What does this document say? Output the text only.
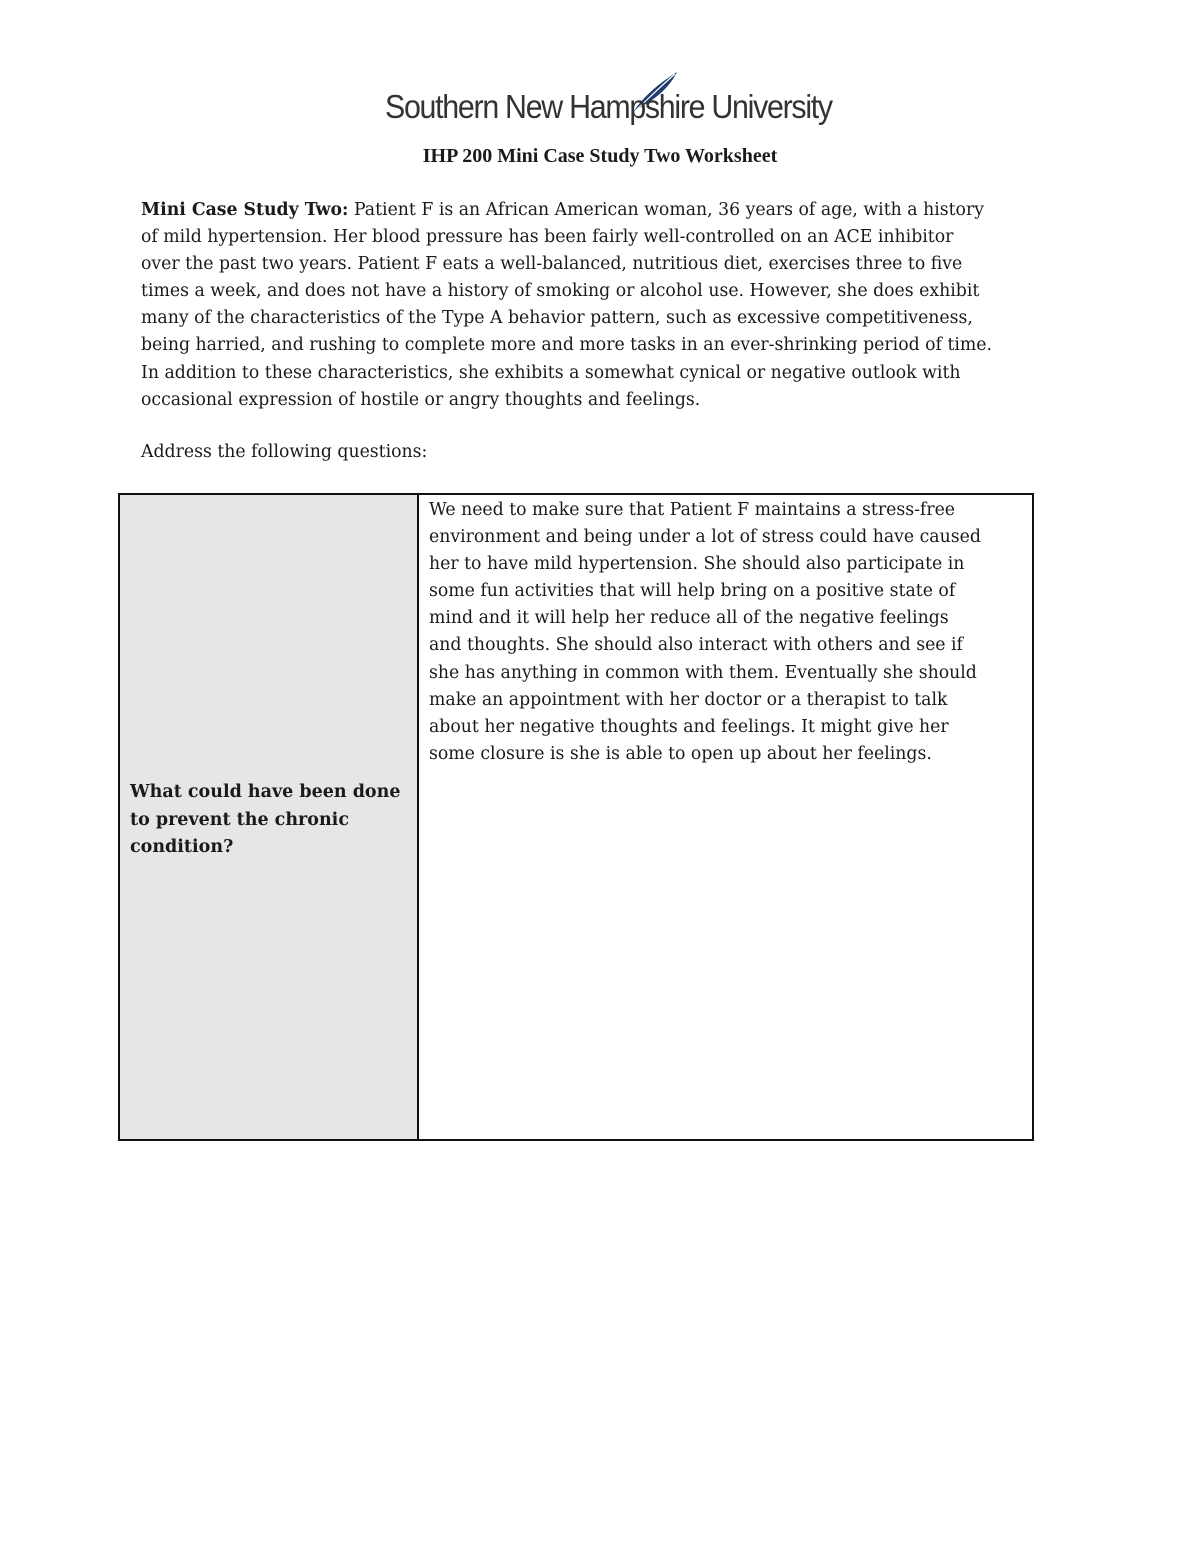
Southern New Hampshire University
IHP 200 Mini Case Study Two Worksheet
Mini Case Study Two: Patient F is an African American woman, 36 years of age, with a history
of mild hypertension. Her blood pressure has been fairly well-controlled on an ACE inhibitor
over the past two years. Patient F eats a well-balanced, nutritious diet, exercises three to five
times a week, and does not have a history of smoking or alcohol use. However, she does exhibit
many of the characteristics of the Type A behavior pattern, such as excessive competitiveness,
being harried, and rushing to complete more and more tasks in an ever-shrinking period of time.
In addition to these characteristics, she exhibits a somewhat cynical or negative outlook with
occasional expression of hostile or angry thoughts and feelings.
Address the following questions:
What could have been done
to prevent the chronic
condition?
We need to make sure that Patient F maintains a stress-free
environment and being under a lot of stress could have caused
her to have mild hypertension. She should also participate in
some fun activities that will help bring on a positive state of
mind and it will help her reduce all of the negative feelings
and thoughts. She should also interact with others and see if
she has anything in common with them. Eventually she should
make an appointment with her doctor or a therapist to talk
about her negative thoughts and feelings. It might give her
some closure is she is able to open up about her feelings.
